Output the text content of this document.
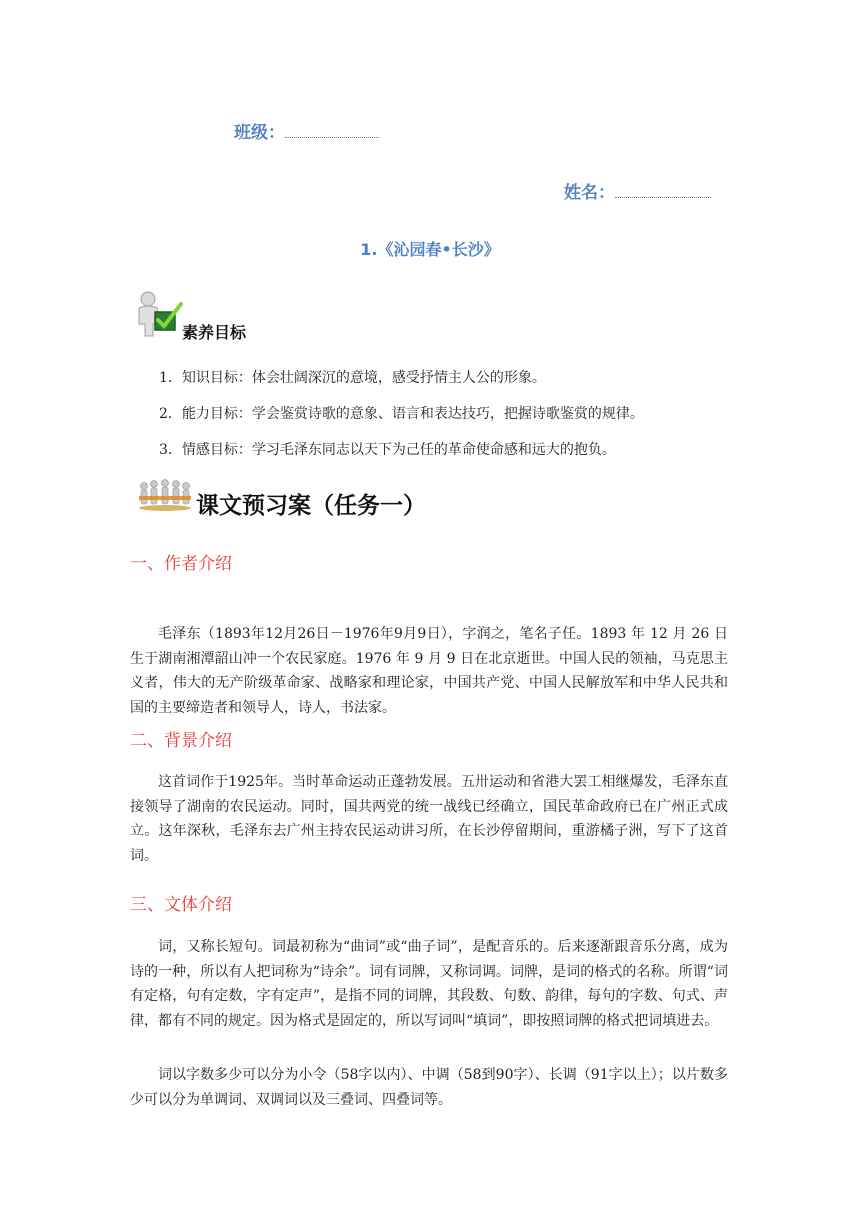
班级：
姓名：
1.《沁园春•长沙》
素养目标
1．知识目标：体会壮阔深沉的意境，感受抒情主人公的形象。
2．能力目标：学会鉴赏诗歌的意象、语言和表达技巧，把握诗歌鉴赏的规律。
3．情感目标：学习毛泽东同志以天下为己任的革命使命感和远大的抱负。
课文预习案（任务一）
一、作者介绍
毛泽东（1893年12月26日－1976年9月9日），字润之，笔名子任。1893 年 12 月 26 日生于湖南湘潭韶山冲一个农民家庭。1976 年 9 月 9 日在北京逝世。中国人民的领袖，马克思主义者，伟大的无产阶级革命家、战略家和理论家，中国共产党、中国人民解放军和中华人民共和国的主要缔造者和领导人，诗人，书法家。
二、背景介绍
这首词作于1925年。当时革命运动正蓬勃发展。五卅运动和省港大罢工相继爆发，毛泽东直接领导了湖南的农民运动。同时，国共两党的统一战线已经确立，国民革命政府已在广州正式成立。这年深秋，毛泽东去广州主持农民运动讲习所，在长沙停留期间，重游橘子洲，写下了这首词。
三、文体介绍
词，又称长短句。词最初称为“曲词”或“曲子词”，是配音乐的。后来逐渐跟音乐分离，成为诗的一种，所以有人把词称为“诗余”。词有词牌，又称词调。词牌，是词的格式的名称。所谓“词有定格，句有定数，字有定声”，是指不同的词牌，其段数、句数、韵律，每句的字数、句式、声律，都有不同的规定。因为格式是固定的，所以写词叫“填词”，即按照词牌的格式把词填进去。
词以字数多少可以分为小令（58字以内）、中调（58到90字）、长调（91字以上）；以片数多少可以分为单调词、双调词以及三叠词、四叠词等。
